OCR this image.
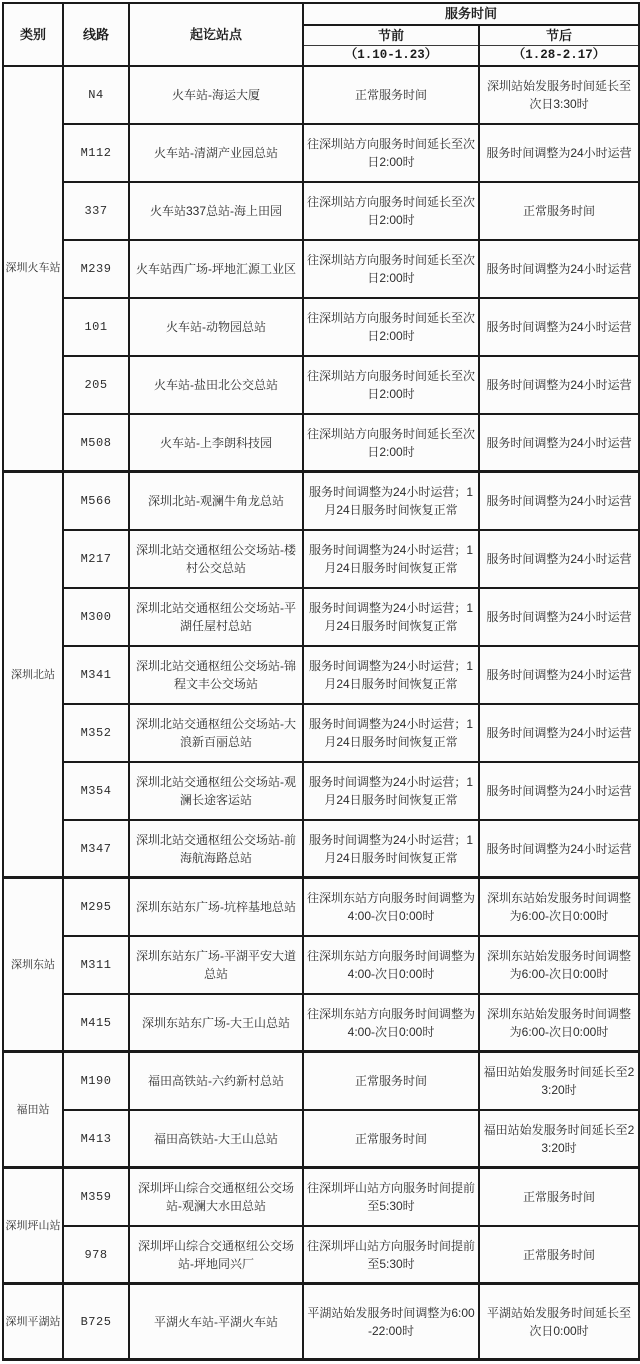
类别	线路	起讫站点	服务时间	
			节前	节后
			（1.10-1.23）	（1.28-2.17）
深圳火车站	N4	火车站-海运大厦	正常服务时间	深圳站始发服务时间延长至次日3:30时
	M112	火车站-清湖产业园总站	往深圳站方向服务时间延长至次日2:00时	服务时间调整为24小时运营
	337	火车站337总站-海上田园	往深圳站方向服务时间延长至次日2:00时	正常服务时间
	M239	火车站西广场-坪地汇源工业区	往深圳站方向服务时间延长至次日2:00时	服务时间调整为24小时运营
	101	火车站-动物园总站	往深圳站方向服务时间延长至次日2:00时	服务时间调整为24小时运营
	205	火车站-盐田北公交总站	往深圳站方向服务时间延长至次日2:00时	服务时间调整为24小时运营
	M508	火车站-上李朗科技园	往深圳站方向服务时间延长至次日2:00时	服务时间调整为24小时运营
深圳北站	M566	深圳北站-观澜牛角龙总站	服务时间调整为24小时运营；1月24日服务时间恢复正常	服务时间调整为24小时运营
	M217	深圳北站交通枢纽公交场站-楼村公交总站	服务时间调整为24小时运营；1月24日服务时间恢复正常	服务时间调整为24小时运营
	M300	深圳北站交通枢纽公交场站-平湖任屋村总站	服务时间调整为24小时运营；1月24日服务时间恢复正常	服务时间调整为24小时运营
	M341	深圳北站交通枢纽公交场站-锦程文丰公交场站	服务时间调整为24小时运营；1月24日服务时间恢复正常	服务时间调整为24小时运营
	M352	深圳北站交通枢纽公交场站-大浪新百丽总站	服务时间调整为24小时运营；1月24日服务时间恢复正常	服务时间调整为24小时运营
	M354	深圳北站交通枢纽公交场站-观澜长途客运站	服务时间调整为24小时运营；1月24日服务时间恢复正常	服务时间调整为24小时运营
	M347	深圳北站交通枢纽公交场站-前海航海路总站	服务时间调整为24小时运营；1月24日服务时间恢复正常	服务时间调整为24小时运营
深圳东站	M295	深圳东站东广场-坑梓基地总站	往深圳东站方向服务时间调整为4:00-次日0:00时	深圳东站始发服务时间调整为6:00-次日0:00时
	M311	深圳东站东广场-平湖平安大道总站	往深圳东站方向服务时间调整为4:00-次日0:00时	深圳东站始发服务时间调整为6:00-次日0:00时
	M415	深圳东站东广场-大王山总站	往深圳东站方向服务时间调整为4:00-次日0:00时	深圳东站始发服务时间调整为6:00-次日0:00时
福田站	M190	福田高铁站-六约新村总站	正常服务时间	福田站始发服务时间延长至23:20时
	M413	福田高铁站-大王山总站	正常服务时间	福田站始发服务时间延长至23:20时
深圳坪山站	M359	深圳坪山综合交通枢纽公交场站-观澜大水田总站	往深圳坪山站方向服务时间提前至5:30时	正常服务时间
	978	深圳坪山综合交通枢纽公交场站-坪地同兴厂	往深圳坪山站方向服务时间提前至5:30时	正常服务时间
深圳平湖站	B725	平湖火车站-平湖火车站	平湖站始发服务时间调整为6:00-22:00时	平湖站始发服务时间延长至次日0:00时
